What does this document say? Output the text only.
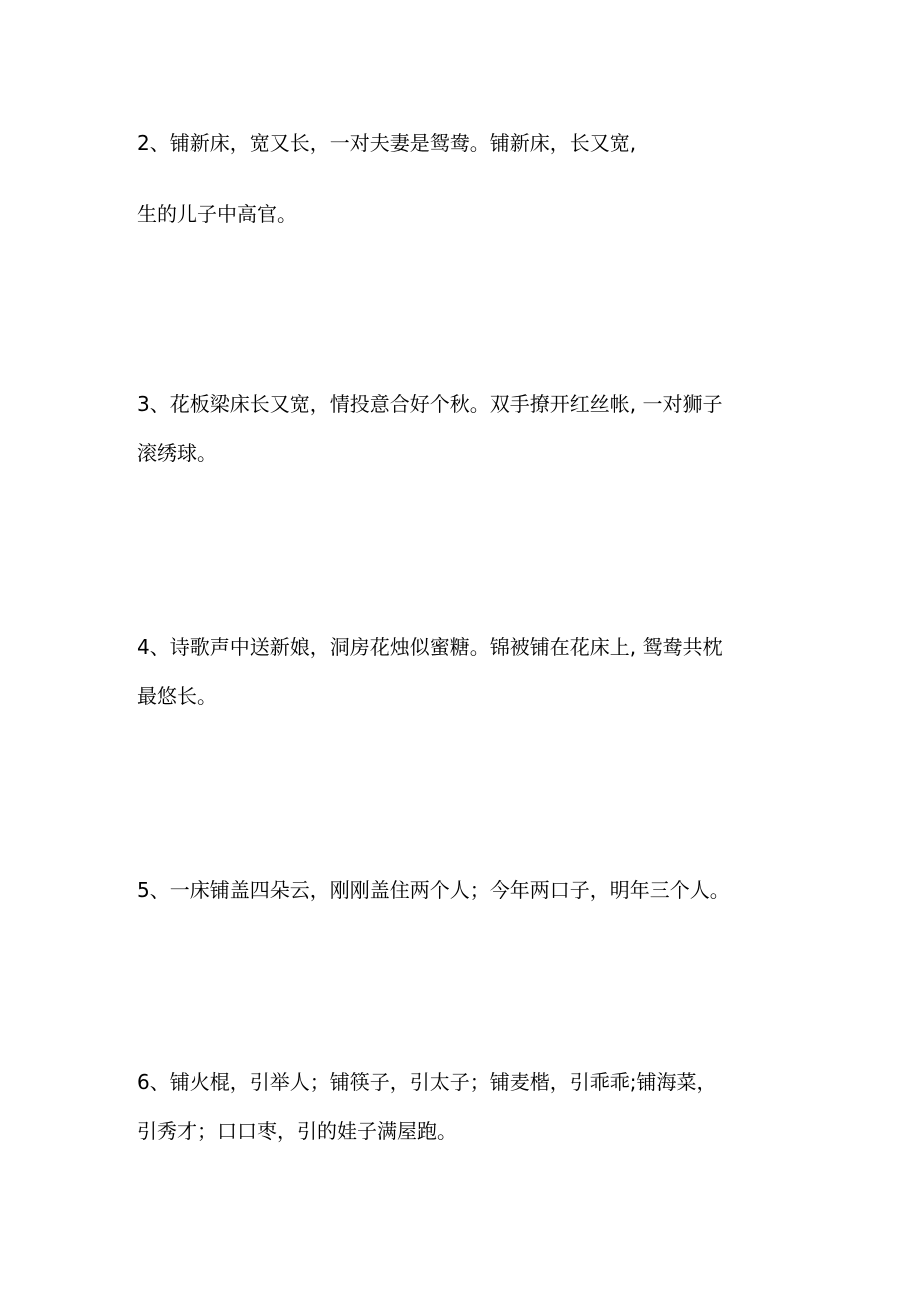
2、铺新床，宽又长，一对夫妻是鸳鸯。铺新床，长又宽,
生的儿子中高官。

3、花板梁床长又宽，情投意合好个秋。双手撩开红丝帐, 一对狮子
滚绣球。

4、诗歌声中送新娘，洞房花烛似蜜糖。锦被铺在花床上, 鸳鸯共枕
最悠长。

5、一床铺盖四朵云，刚刚盖住两个人；今年两口子，明年三个人。

6、铺火棍，引举人；铺筷子，引太子；铺麦楷，引乖乖;铺海菜，
引秀才；口口枣，引的娃子满屋跑。
